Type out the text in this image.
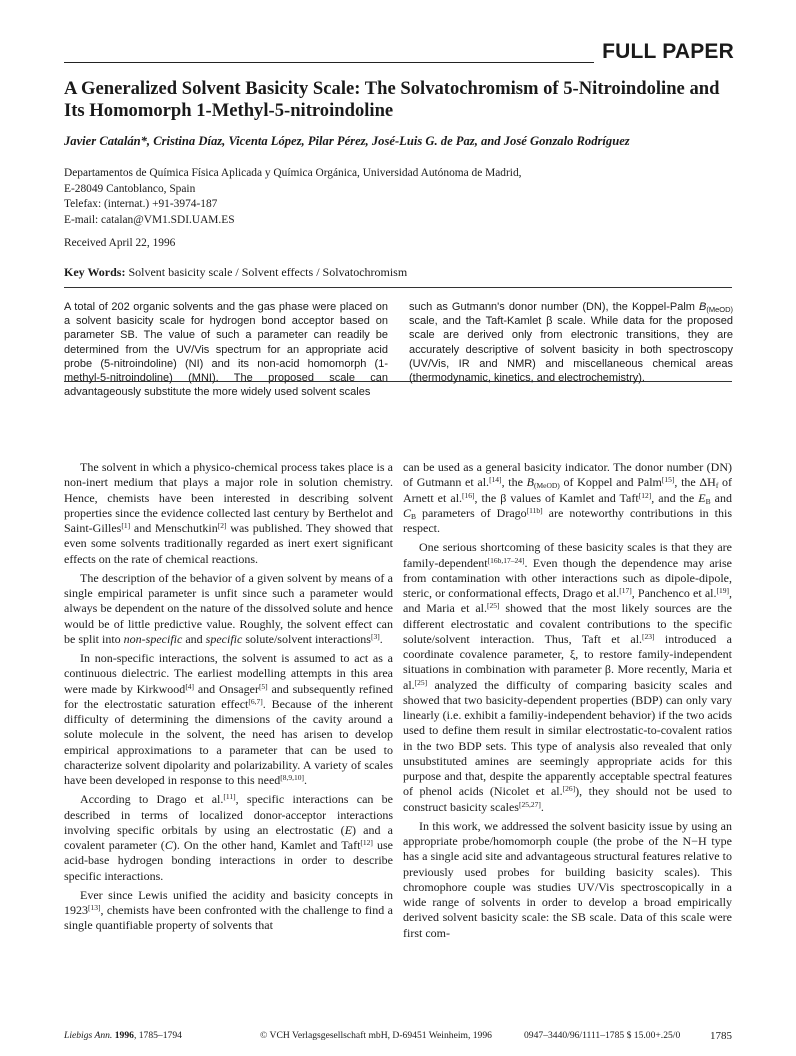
FULL PAPER
A Generalized Solvent Basicity Scale: The Solvatochromism of 5-Nitroindoline and Its Homomorph 1-Methyl-5-nitroindoline
Javier Catalán*, Cristina Díaz, Vicenta López, Pilar Pérez, José-Luis G. de Paz, and José Gonzalo Rodríguez
Departamentos de Química Física Aplicada y Química Orgánica, Universidad Autónoma de Madrid,
E-28049 Cantoblanco, Spain
Telefax: (internat.) +91-3974-187
E-mail: catalan@VM1.SDI.UAM.ES
Received April 22, 1996
Key Words: Solvent basicity scale / Solvent effects / Solvatochromism
A total of 202 organic solvents and the gas phase were placed on a solvent basicity scale for hydrogen bond acceptor based on parameter SB. The value of such a parameter can readily be determined from the UV/Vis spectrum for an appropriate acid probe (5-nitroindoline) (NI) and its non-acid homomorph (1-methyl-5-nitroindoline) (MNI). The proposed scale can advantageously substitute the more widely used solvent scales
such as Gutmann's donor number (DN), the Koppel-Palm $B_{(MeOD)}$ scale, and the Taft-Kamlet β scale. While data for the proposed scale are derived only from electronic transitions, they are accurately descriptive of solvent basicity in both spectroscopy (UV/Vis, IR and NMR) and miscellaneous chemical areas (thermodynamic, kinetics, and electrochemistry).

The solvent in which a physico-chemical process takes place is a non-inert medium that plays a major role in solution chemistry. Hence, chemists have been interested in describing solvent properties since the evidence collected last century by Berthelot and Saint-Gilles[1] and Menschutkin[2] was published. They showed that even some solvents traditionally regarded as inert exert significant effects on the rate of chemical reactions.

The description of the behavior of a given solvent by means of a single empirical parameter is unfit since such a parameter would always be dependent on the nature of the dissolved solute and hence would be of little predictive value. Roughly, the solvent effect can be split into non-specific and specific solute/solvent interactions[3].

In non-specific interactions, the solvent is assumed to act as a continuous dielectric. The earliest modelling attempts in this area were made by Kirkwood[4] and Onsager[5] and subsequently refined for the electrostatic saturation effect[6,7]. Because of the inherent difficulty of determining the dimensions of the cavity around a solute molecule in the solvent, the need has arisen to develop empirical approximations to a parameter that can be used to characterize solvent dipolarity and polarizability. A variety of scales have been developed in response to this need[8,9,10].

According to Drago et al.[11], specific interactions can be described in terms of localized donor-acceptor interactions involving specific orbitals by using an electrostatic (E) and a covalent parameter (C). On the other hand, Kamlet and Taft[12] use acid-base hydrogen bonding interactions in order to describe specific interactions.

Ever since Lewis unified the acidity and basicity concepts in 1923[13], chemists have been confronted with the challenge to find a single quantifiable property of solvents that

can be used as a general basicity indicator. The donor number (DN) of Gutmann et al.[14], the $B_{(MeOD)}$ of Koppel and Palm[15], the $\Delta H_f$ of Arnett et al.[16], the β values of Kamlet and Taft[12], and the $E_B$ and $C_B$ parameters of Drago[11b] are noteworthy contributions in this respect.

One serious shortcoming of these basicity scales is that they are family-dependent[16b,17–24]. Even though the dependence may arise from contamination with other interactions such as dipole-dipole, steric, or conformational effects, Drago et al.[17], Panchenco et al.[19], and Maria et al.[25] showed that the most likely sources are the different electrostatic and covalent contributions to the specific solute/solvent interaction. Thus, Taft et al.[23] introduced a coordinate covalence parameter, ξ, to restore family-independent situations in combination with parameter β. More recently, Maria et al.[25] analyzed the difficulty of comparing basicity scales and showed that two basicity-dependent properties (BDP) can only vary linearly (i.e. exhibit a familiy-independent behavior) if the two acids used to define them result in similar electrostatic-to-covalent ratios in the two BDP sets. This type of analysis also revealed that only unsubstituted amines are seemingly appropriate acids for this purpose and that, despite the apparently acceptable spectral features of phenol acids (Nicolet et al.[26]), they should not be used to construct basicity scales[25,27].

In this work, we addressed the solvent basicity issue by using an appropriate probe/homomorph couple (the probe of the N−H type has a single acid site and advantageous structural features relative to previously used probes for building basicity scales). This chromophore couple was studies UV/Vis spectroscopically in a wide range of solvents in order to develop a broad empirically derived solvent basicity scale: the SB scale. Data of this scale were first com-

Liebigs Ann. 1996, 1785–1794	© VCH Verlagsgesellschaft mbH, D-69451 Weinheim, 1996	0947–3440/96/1111–1785 $ 15.00+.25/0	1785
